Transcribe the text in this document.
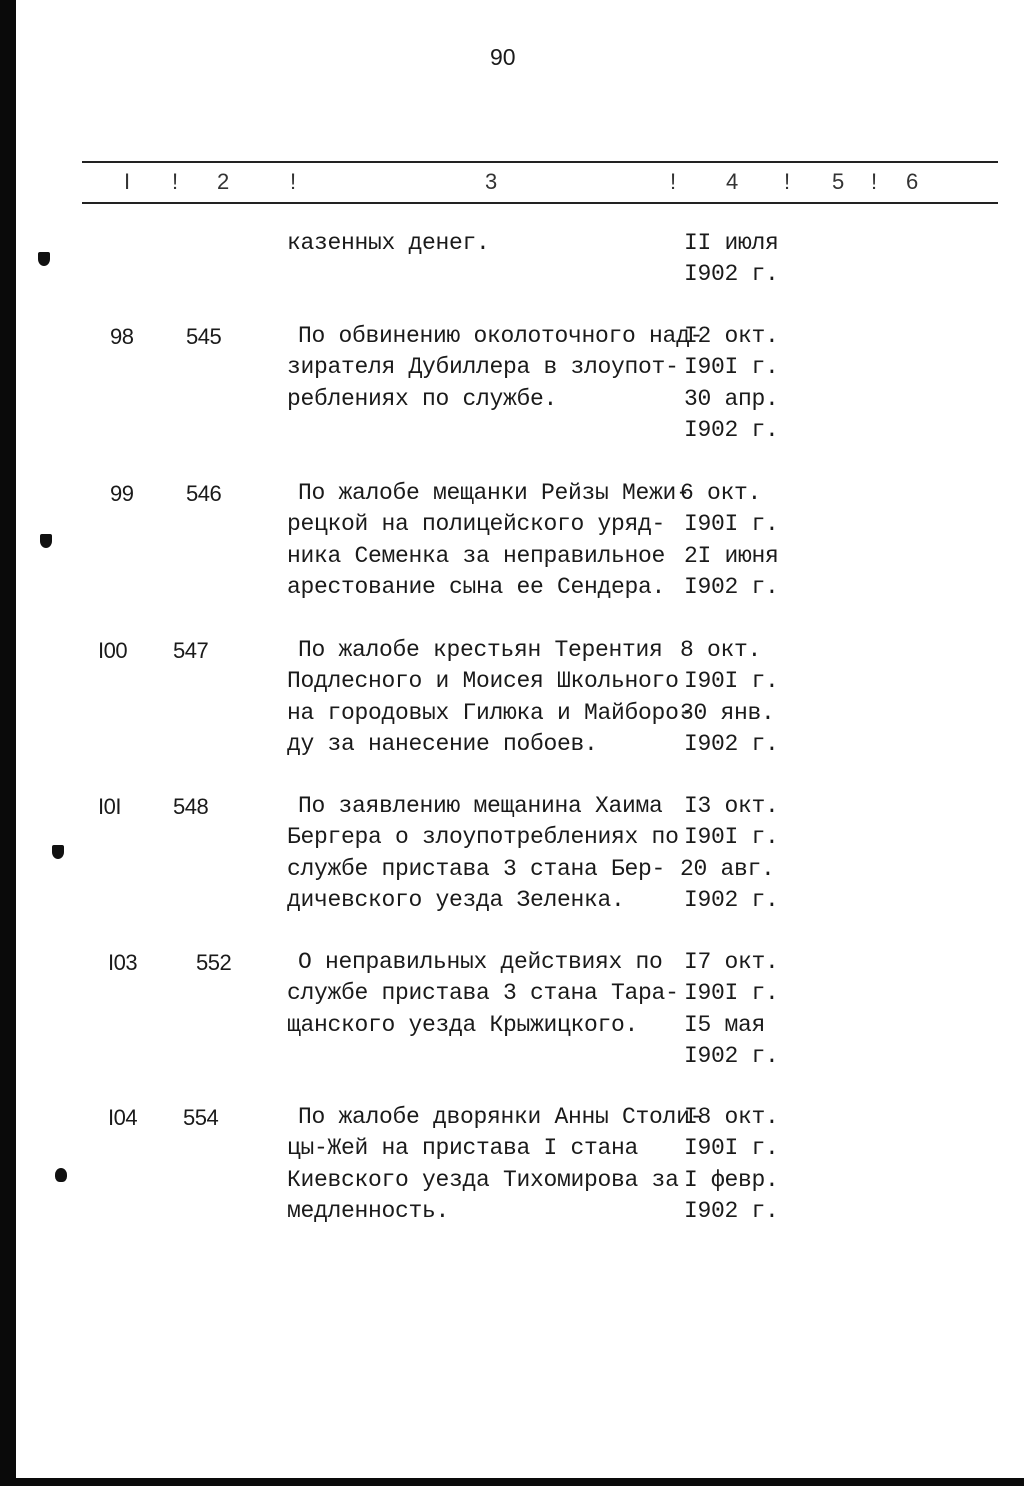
90
I ! 2	!	3	! 4 ! 5 ! 6
казенных денег.	II июля
I902 г.
98 545	По обвинению околоточного над-
зирателя Дубиллера в злоупот-
реблениях по службе.
I2 окт.
I90I г.
30 апр.
I902 г.
99 546	По жалобе мещанки Рейзы Межи-
рецкой на полицейского уряд-
ника Семенка за неправильное
арестование сына ее Сендера.
6 окт.
I90I г.
2I июня
I902 г.
I00 547	По жалобе крестьян Терентия
Подлесного и Моисея Школьного
на городовых Гилюка и Майборо-
ду за нанесение побоев.
8 окт.
I90I г.
30 янв.
I902 г.
I0I 548	По заявлению мещанина Хаима
Бергера о злоупотреблениях по
службе пристава 3 стана Бер-
дичевского уезда Зеленка.
I3 окт.
I90I г.
20 авг.
I902 г.
I03	552	О неправильных действиях по
службе пристава 3 стана Тара-
щанского уезда Крыжицкого.
I7 окт.
I90I г.
I5 мая
I902 г.
I04 554	По жалобе дворянки Анны Столи-
цы-Жей на пристава I стана
Киевского уезда Тихомирова за
медленность.
I8 окт.
I90I г.
I февр.
I902 г.
